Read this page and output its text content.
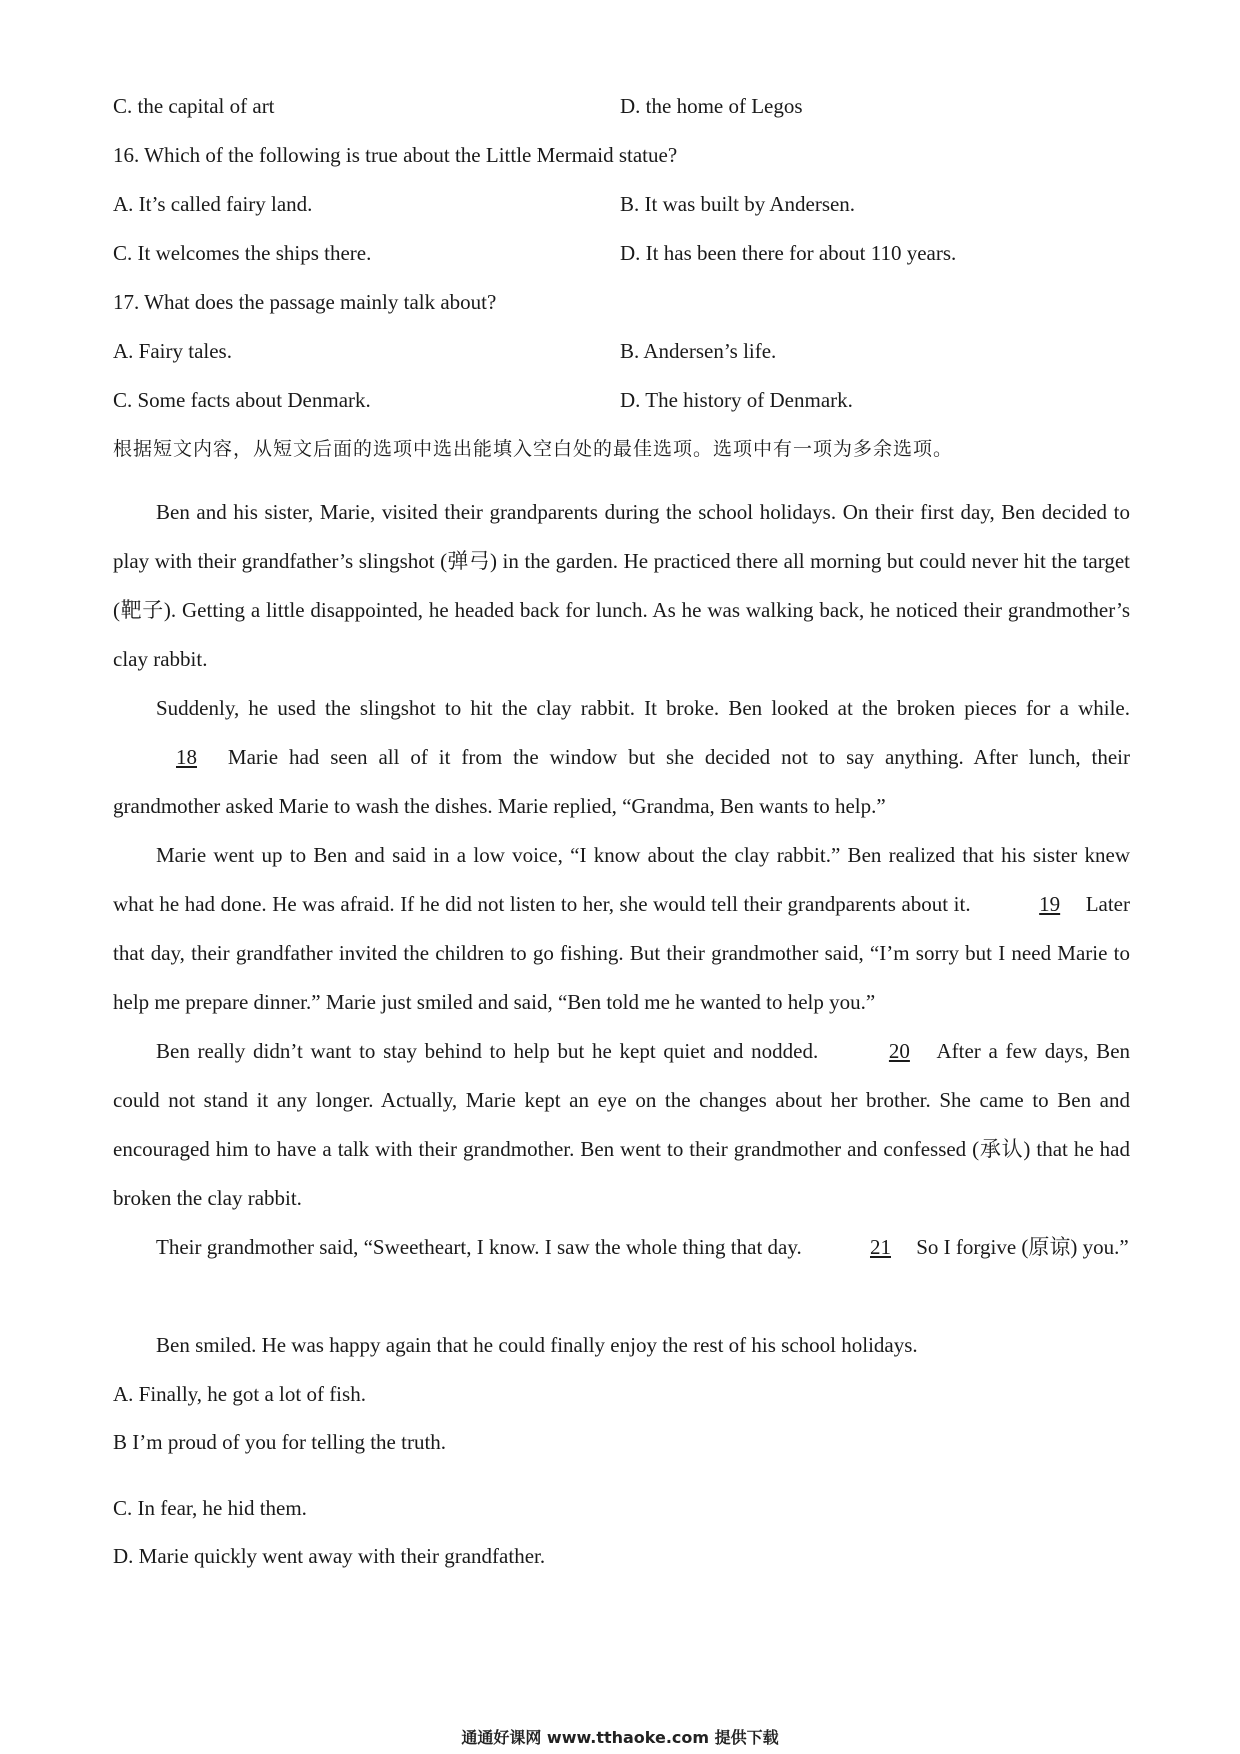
C. the capital of art	D. the home of Legos
16. Which of the following is true about the Little Mermaid statue?
A. It’s called fairy land.	B. It was built by Andersen.
C. It welcomes the ships there.	D. It has been there for about 110 years.
17. What does the passage mainly talk about?
A. Fairy tales.	B. Andersen’s life.
C. Some facts about Denmark.	D. The history of Denmark.
根据短文内容，从短文后面的选项中选出能填入空白处的最佳选项。选项中有一项为多余选项。
Ben and his sister, Marie, visited their grandparents during the school holidays. On their first day, Ben decided to play with their grandfather’s slingshot (弹弓) in the garden. He practiced there all morning but could never hit the target (靶子). Getting a little disappointed, he headed back for lunch. As he was walking back, he noticed their grandmother’s clay rabbit.
Suddenly, he used the slingshot to hit the clay rabbit. It broke. Ben looked at the broken pieces for a while. 18 Marie had seen all of it from the window but she decided not to say anything. After lunch, their grandmother asked Marie to wash the dishes. Marie replied, “Grandma, Ben wants to help.”
Marie went up to Ben and said in a low voice, “I know about the clay rabbit.” Ben realized that his sister knew what he had done. He was afraid. If he did not listen to her, she would tell their grandparents about it.	19 Later that day, their grandfather invited the children to go fishing. But their grandmother said, “I’m sorry but I need Marie to help me prepare dinner.” Marie just smiled and said, “Ben told me he wanted to help you.”
Ben really didn’t want to stay behind to help but he kept quiet and nodded.	20 After a few days, Ben could not stand it any longer. Actually, Marie kept an eye on the changes about her brother. She came to Ben and encouraged him to have a talk with their grandmother. Ben went to their grandmother and confessed (承认) that he had broken the clay rabbit.
Their grandmother said, “Sweetheart, I know. I saw the whole thing that day.	21 So I forgive (原谅) you.”
Ben smiled. He was happy again that he could finally enjoy the rest of his school holidays.
A. Finally, he got a lot of fish.
B I’m proud of you for telling the truth.
C. In fear, he hid them.
D. Marie quickly went away with their grandfather.
通通好课网 www.tthaoke.com 提供下载
